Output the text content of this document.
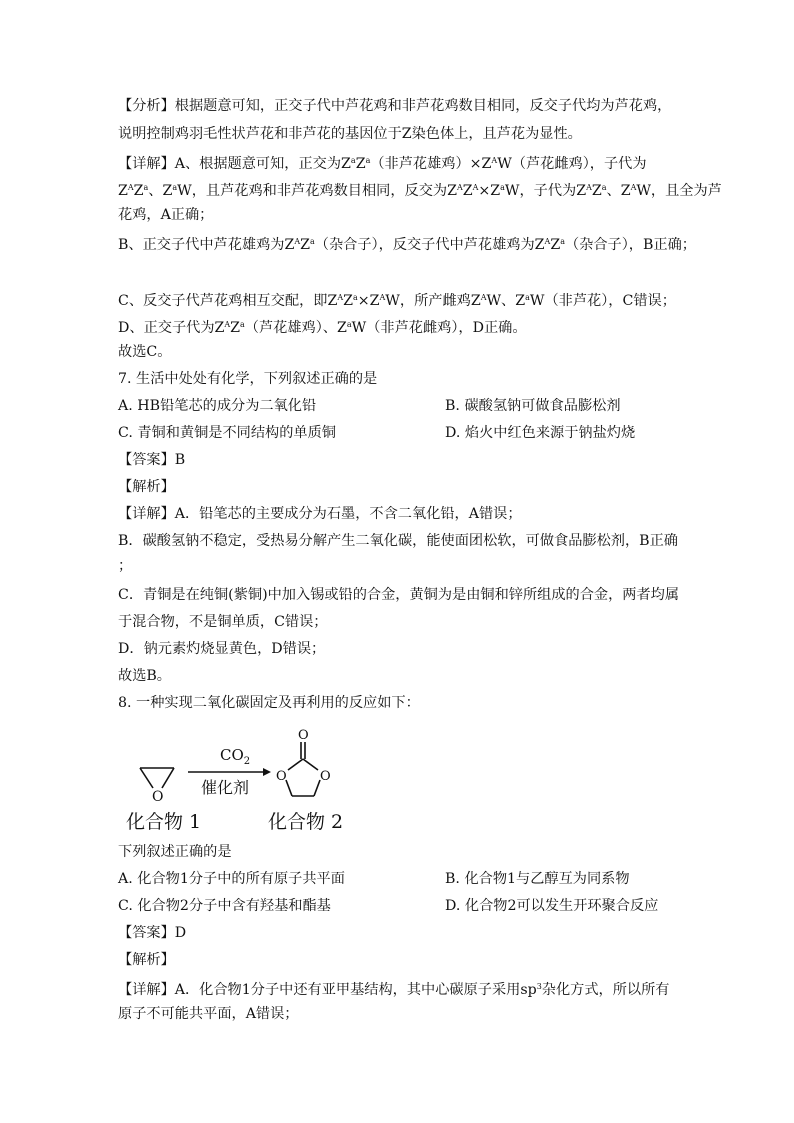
【分析】根据题意可知，正交子代中芦花鸡和非芦花鸡数目相同，反交子代均为芦花鸡，
说明控制鸡羽毛性状芦花和非芦花的基因位于Z染色体上，且芦花为显性。
【详解】A、根据题意可知，正交为$Z^aZ^a$（非芦花雄鸡）$\times Z^AW$（芦花雌鸡），子代为
$Z^AZ^a$、$Z^aW$，且芦花鸡和非芦花鸡数目相同，反交为$Z^AZ^A\times Z^aW$，子代为$Z^AZ^a$、$Z^AW$，且全为芦
花鸡，A正确；
B、正交子代中芦花雄鸡为$Z^AZ^a$（杂合子），反交子代中芦花雄鸡为$Z^AZ^a$（杂合子），B正确；
C、反交子代芦花鸡相互交配，即$Z^AZ^a\times Z^AW$，所产雌鸡$Z^AW$、$Z^aW$（非芦花），C错误；
D、正交子代为$Z^AZ^a$（芦花雄鸡）、$Z^aW$（非芦花雌鸡），D正确。
故选C。
7. 生活中处处有化学，下列叙述正确的是
A. HB铅笔芯的成分为二氧化铅	B. 碳酸氢钠可做食品膨松剂
C. 青铜和黄铜是不同结构的单质铜	D. 焰火中红色来源于钠盐灼烧
【答案】B
【解析】
【详解】A．铅笔芯的主要成分为石墨，不含二氧化铅，A错误；
B．碳酸氢钠不稳定，受热易分解产生二氧化碳，能使面团松软，可做食品膨松剂，B正确
；
C．青铜是在纯铜(紫铜)中加入锡或铅的合金，黄铜为是由铜和锌所组成的合金，两者均属
于混合物，不是铜单质，C错误；
D．钠元素灼烧显黄色，D错误；
故选B。
8. 一种实现二氧化碳固定及再利用的反应如下：
O
$CO_2$
催化剂
O
O	O
化合物 1	化合物 2
下列叙述正确的是
A. 化合物1分子中的所有原子共平面	B. 化合物1与乙醇互为同系物
C. 化合物2分子中含有羟基和酯基	D. 化合物2可以发生开环聚合反应
【答案】D
【解析】
【详解】A．化合物1分子中还有亚甲基结构，其中心碳原子采用$sp^3$杂化方式，所以所有
原子不可能共平面，A错误；
